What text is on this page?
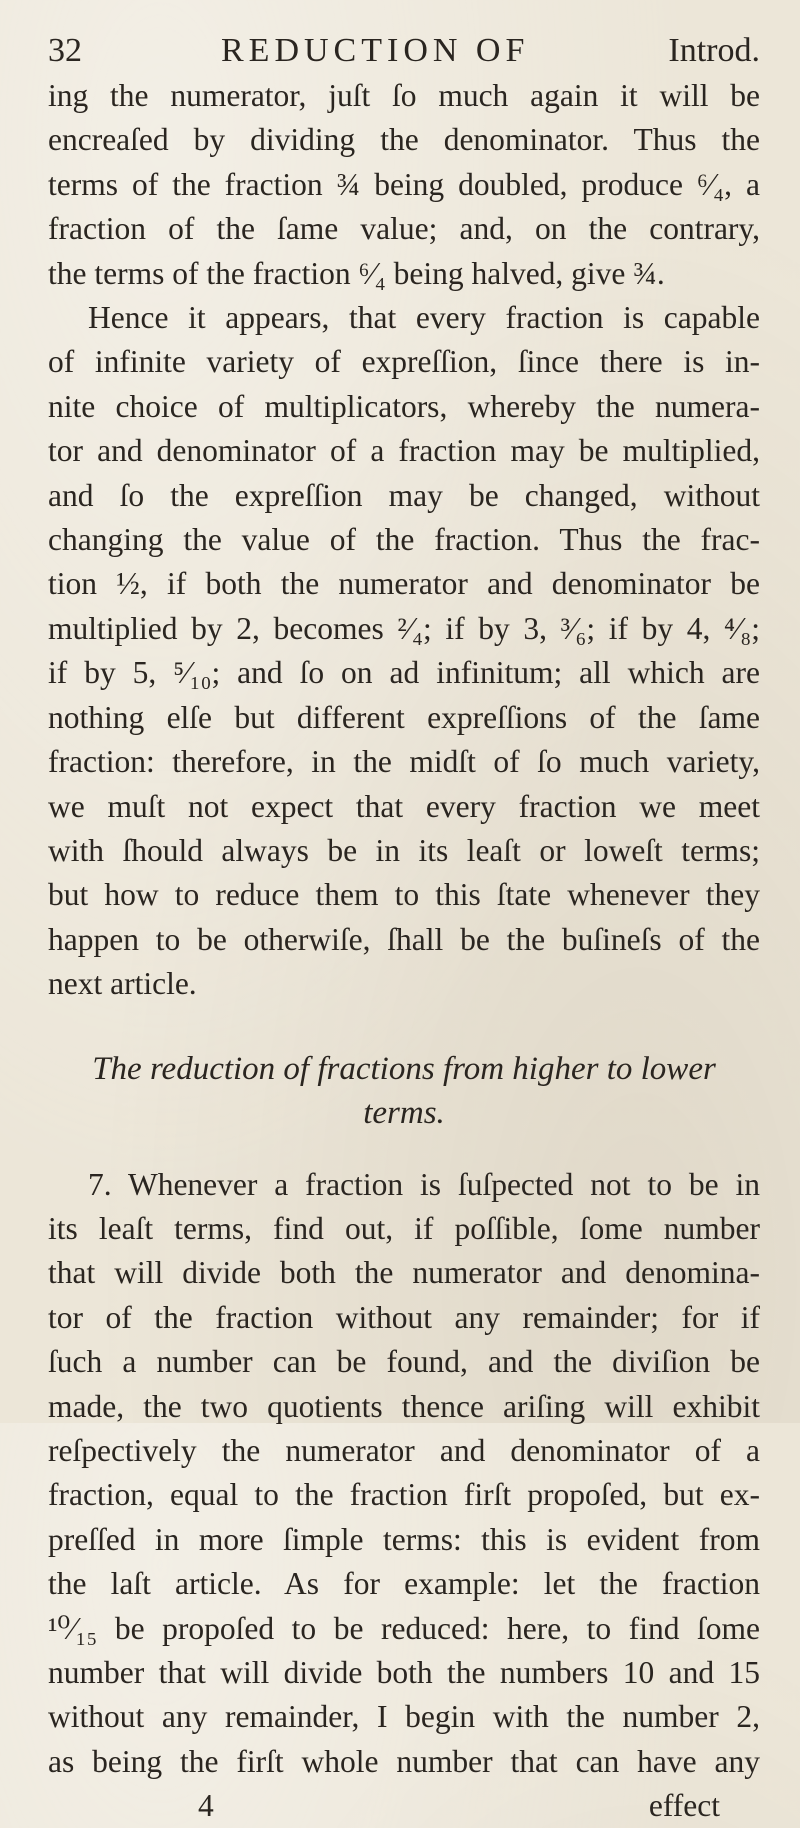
32	REDUCTION OF	Introd.
ing the numerator, juſt ſo much again it will be
encreaſed by dividing the denominator. Thus the
terms of the fraction ¾ being doubled, produce ⁶⁄₄, a
fraction of the ſame value; and, on the contrary,
the terms of the fraction ⁶⁄₄ being halved, give ¾.
Hence it appears, that every fraction is capable
of infinite variety of expreſſion, ſince there is in-
nite choice of multiplicators, whereby the numera-
tor and denominator of a fraction may be multiplied,
and ſo the expreſſion may be changed, without
changing the value of the fraction. Thus the frac-
tion ½, if both the numerator and denominator be
multiplied by 2, becomes ²⁄₄; if by 3, ³⁄₆; if by 4, ⁴⁄₈;
if by 5, ⁵⁄₁₀; and ſo on ad infinitum; all which are
nothing elſe but different expreſſions of the ſame
fraction: therefore, in the midſt of ſo much variety,
we muſt not expect that every fraction we meet
with ſhould always be in its leaſt or loweſt terms;
but how to reduce them to this ſtate whenever they
happen to be otherwiſe, ſhall be the buſineſs of the
next article.
The reduction of fractions from higher to lower
terms.
7. Whenever a fraction is ſuſpected not to be in
its leaſt terms, find out, if poſſible, ſome number
that will divide both the numerator and denomina-
tor of the fraction without any remainder; for if
ſuch a number can be found, and the diviſion be
made, the two quotients thence ariſing will exhibit
reſpectively the numerator and denominator of a
fraction, equal to the fraction firſt propoſed, but ex-
preſſed in more ſimple terms: this is evident from
the laſt article. As for example: let the fraction
¹⁰⁄₁₅ be propoſed to be reduced: here, to find ſome
number that will divide both the numbers 10 and 15
without any remainder, I begin with the number 2,
as being the firſt whole number that can have any
4	effect
